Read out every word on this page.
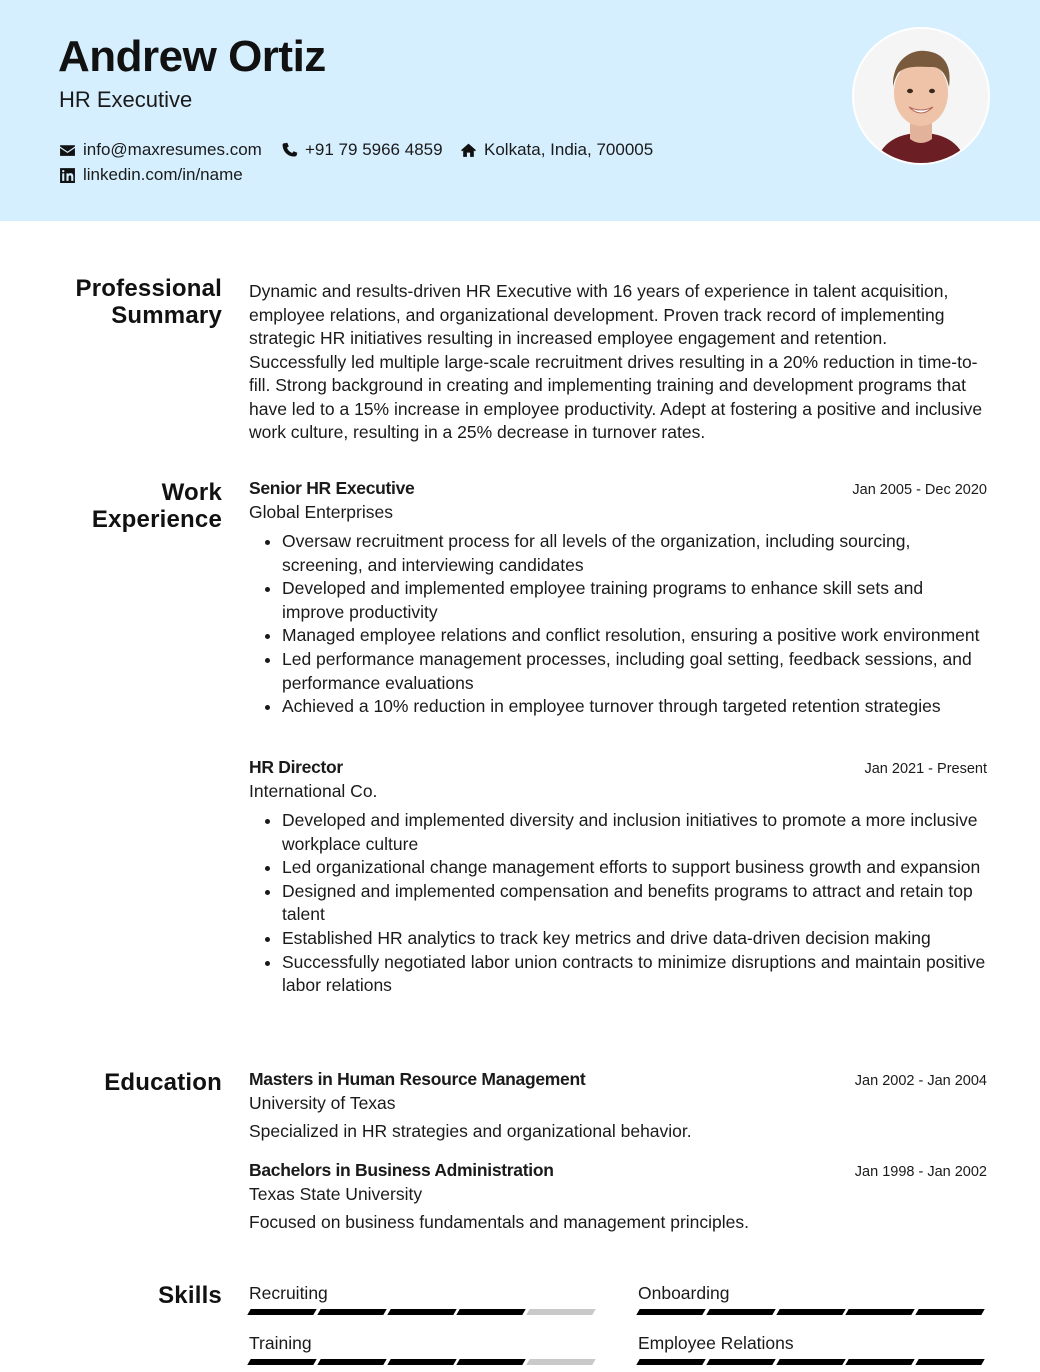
Andrew Ortiz
HR Executive
info@maxresumes.com	+91 79 5966 4859 Kolkata, India, 700005
linkedin.com/in/name
Professional
Summary

Dynamic and results-driven HR Executive with 16 years of experience in talent acquisition, employee relations, and organizational development. Proven track record of implementing strategic HR initiatives resulting in increased employee engagement and retention. Successfully led multiple large-scale recruitment drives resulting in a 20% reduction in time-to-fill. Strong background in creating and implementing training and development programs that have led to a 15% increase in employee productivity. Adept at fostering a positive and inclusive work culture, resulting in a 25% decrease in turnover rates.

Work
Experience
Senior HR Executive	Jan 2005 - Dec 2020
Global Enterprises
• Oversaw recruitment process for all levels of the organization, including sourcing, screening, and interviewing candidates
• Developed and implemented employee training programs to enhance skill sets and improve productivity
• Managed employee relations and conflict resolution, ensuring a positive work environment
• Led performance management processes, including goal setting, feedback sessions, and performance evaluations
• Achieved a 10% reduction in employee turnover through targeted retention strategies
HR Director	Jan 2021 - Present
International Co.
• Developed and implemented diversity and inclusion initiatives to promote a more inclusive workplace culture
• Led organizational change management efforts to support business growth and expansion
• Designed and implemented compensation and benefits programs to attract and retain top talent
• Established HR analytics to track key metrics and drive data-driven decision making
• Successfully negotiated labor union contracts to minimize disruptions and maintain positive labor relations
Education Masters in Human Resource Management	Jan 2002 - Jan 2004
University of Texas
Specialized in HR strategies and organizational behavior.
Bachelors in Business Administration	Jan 1998 - Jan 2002
Texas State University
Focused on business fundamentals and management principles.
Skills Recruiting	Onboarding
Training	Employee Relations
